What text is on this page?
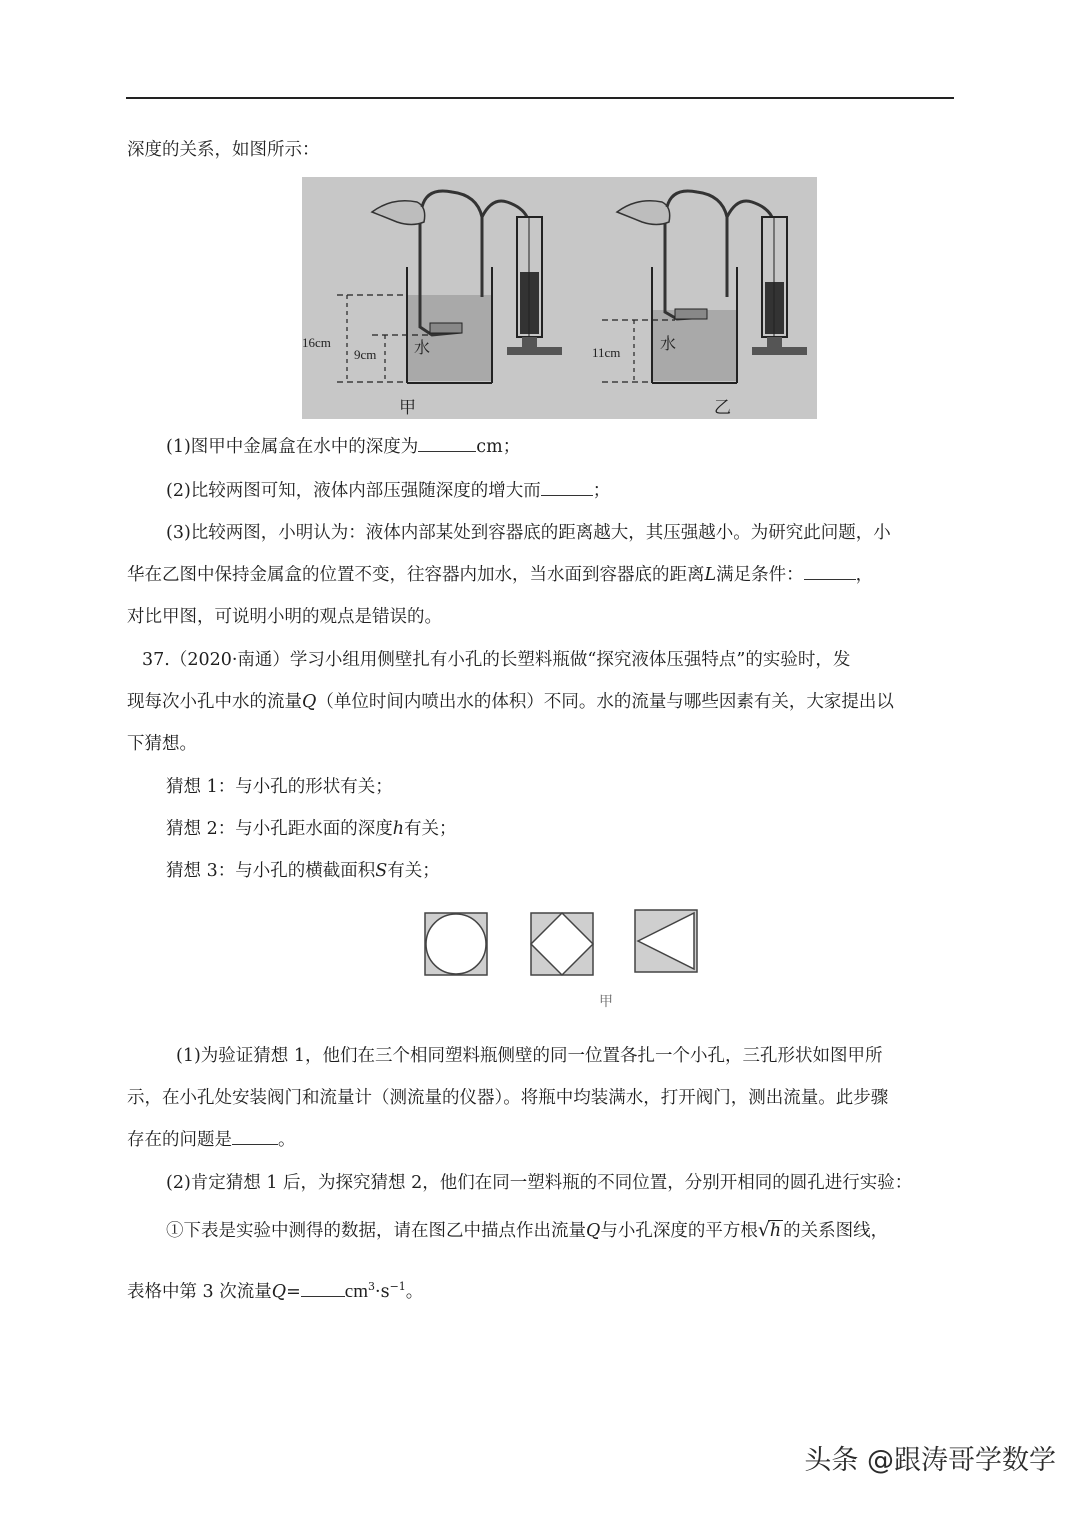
深度的关系，如图所示：
16cm
9cm 水
甲
11cm 水
乙
(1)图甲中金属盒在水中的深度为	cm；
(2)比较两图可知，液体内部压强随深度的增大而	；
(3)比较两图，小明认为：液体内部某处到容器底的距离越大，其压强越小。为研究此问题，小
华在乙图中保持金属盒的位置不变，往容器内加水，当水面到容器底的距离L满足条件：	，
对比甲图，可说明小明的观点是错误的。
37.（2020·南通）学习小组用侧壁扎有小孔的长塑料瓶做“探究液体压强特点”的实验时，发
现每次小孔中水的流量Q（单位时间内喷出水的体积）不同。水的流量与哪些因素有关，大家提出以
下猜想。
猜想 1：与小孔的形状有关；
猜想 2：与小孔距水面的深度h有关；
猜想 3：与小孔的横截面积S有关；
甲
(1)为验证猜想 1，他们在三个相同塑料瓶侧壁的同一位置各扎一个小孔，三孔形状如图甲所
示，在小孔处安装阀门和流量计（测流量的仪器）。将瓶中均装满水，打开阀门，测出流量。此步骤
存在的问题是	。
(2)肯定猜想 1 后，为探究猜想 2，他们在同一塑料瓶的不同位置，分别开相同的圆孔进行实验：
①下表是实验中测得的数据，请在图乙中描点作出流量Q与小孔深度的平方根 √ h 的关系图线，
表格中第 3 次流量$Q= cm^3\cdot s^{-1}$。
头条 @跟涛哥学数学
